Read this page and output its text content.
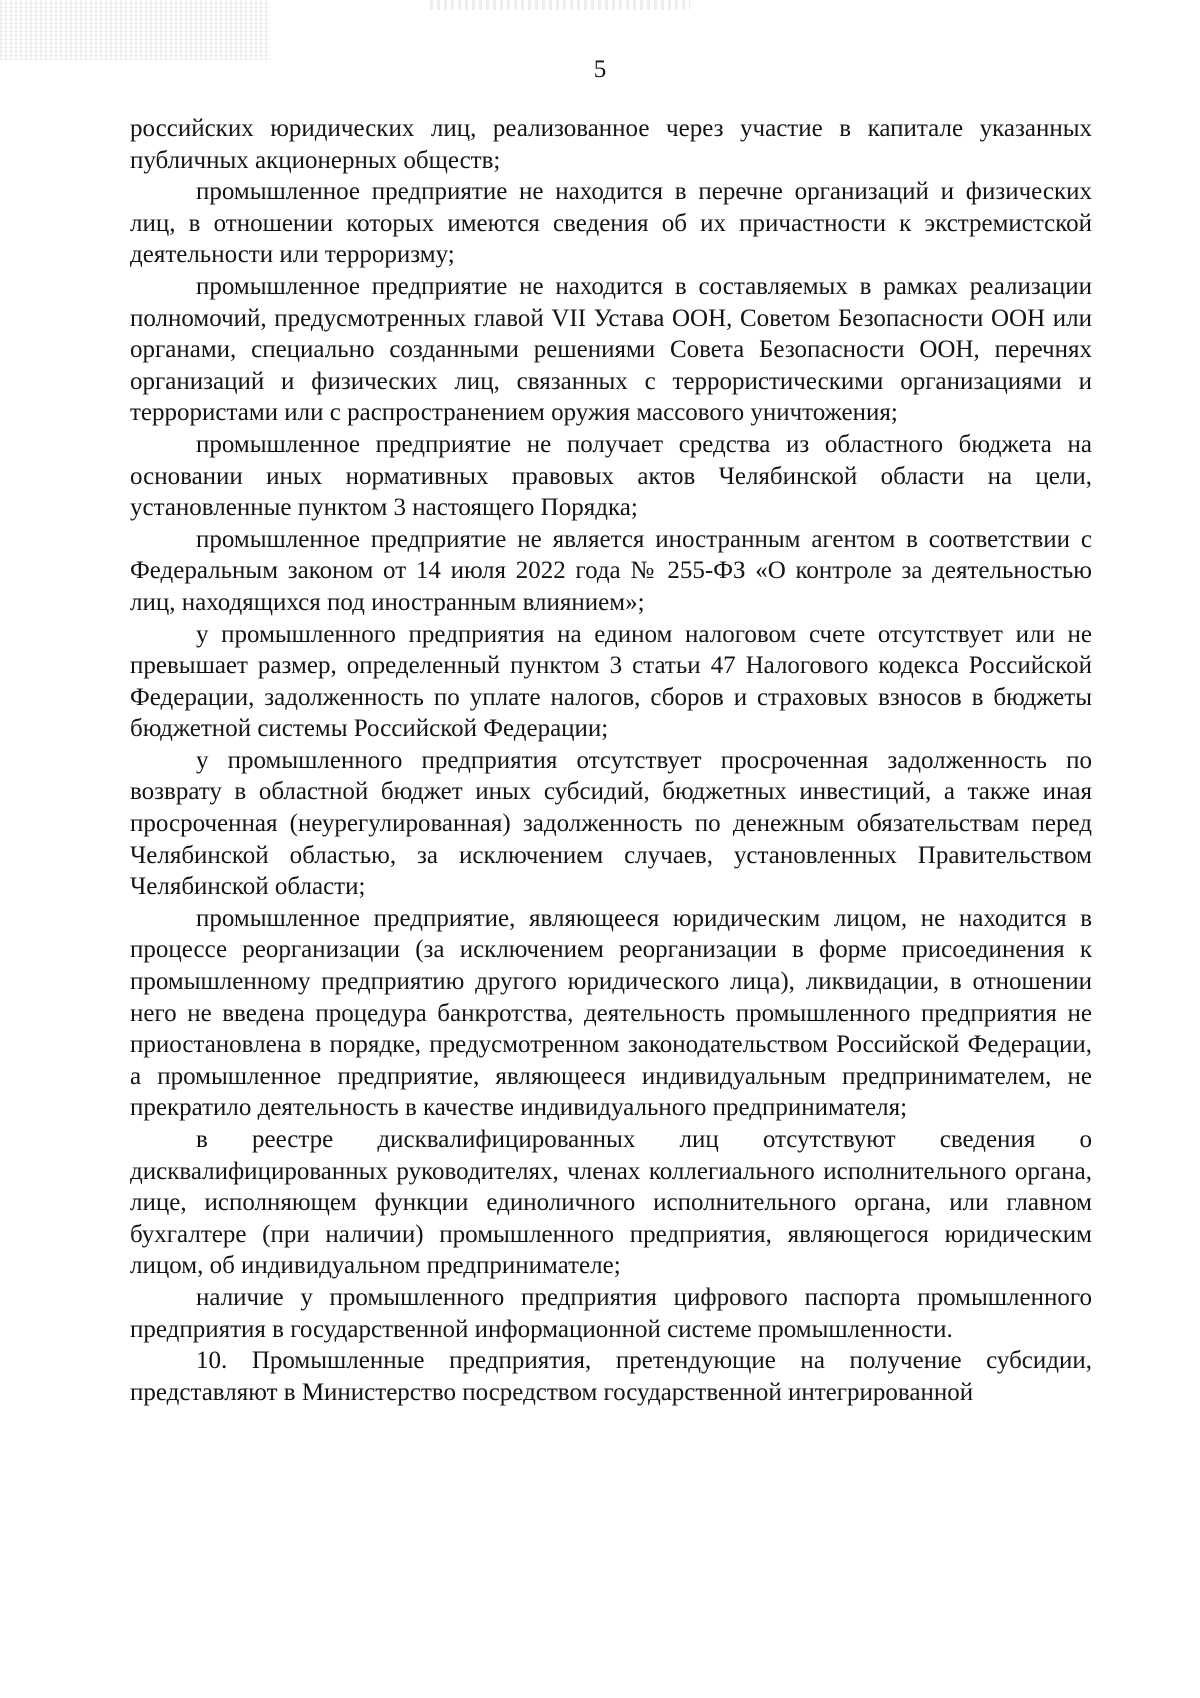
5

российских юридических лиц, реализованное через участие в капитале указанных публичных акционерных обществ;

промышленное предприятие не находится в перечне организаций и физических лиц, в отношении которых имеются сведения об их причастности к экстремистской деятельности или терроризму;

промышленное предприятие не находится в составляемых в рамках реализации полномочий, предусмотренных главой VII Устава ООН, Советом Безопасности ООН или органами, специально созданными решениями Совета Безопасности ООН, перечнях организаций и физических лиц, связанных с террористическими организациями и террористами или с распространением оружия массового уничтожения;

промышленное предприятие не получает средства из областного бюджета на основании иных нормативных правовых актов Челябинской области на цели, установленные пунктом 3 настоящего Порядка;

промышленное предприятие не является иностранным агентом в соответствии с Федеральным законом от 14 июля 2022 года № 255-ФЗ «О контроле за деятельностью лиц, находящихся под иностранным влиянием»;

у промышленного предприятия на едином налоговом счете отсутствует или не превышает размер, определенный пунктом 3 статьи 47 Налогового кодекса Российской Федерации, задолженность по уплате налогов, сборов и страховых взносов в бюджеты бюджетной системы Российской Федерации;

у промышленного предприятия отсутствует просроченная задолженность по возврату в областной бюджет иных субсидий, бюджетных инвестиций, а также иная просроченная (неурегулированная) задолженность по денежным обязательствам перед Челябинской областью, за исключением случаев, установленных Правительством Челябинской области;

промышленное предприятие, являющееся юридическим лицом, не находится в процессе реорганизации (за исключением реорганизации в форме присоединения к промышленному предприятию другого юридического лица), ликвидации, в отношении него не введена процедура банкротства, деятельность промышленного предприятия не приостановлена в порядке, предусмотренном законодательством Российской Федерации, а промышленное предприятие, являющееся индивидуальным предпринимателем, не прекратило деятельность в качестве индивидуального предпринимателя;

в реестре дисквалифицированных лиц отсутствуют сведения о дисквалифицированных руководителях, членах коллегиального исполнительного органа, лице, исполняющем функции единоличного исполнительного органа, или главном бухгалтере (при наличии) промышленного предприятия, являющегося юридическим лицом, об индивидуальном предпринимателе;

наличие у промышленного предприятия цифрового паспорта промышленного предприятия в государственной информационной системе промышленности.

10. Промышленные предприятия, претендующие на получение субсидии, представляют в Министерство посредством государственной интегрированной
